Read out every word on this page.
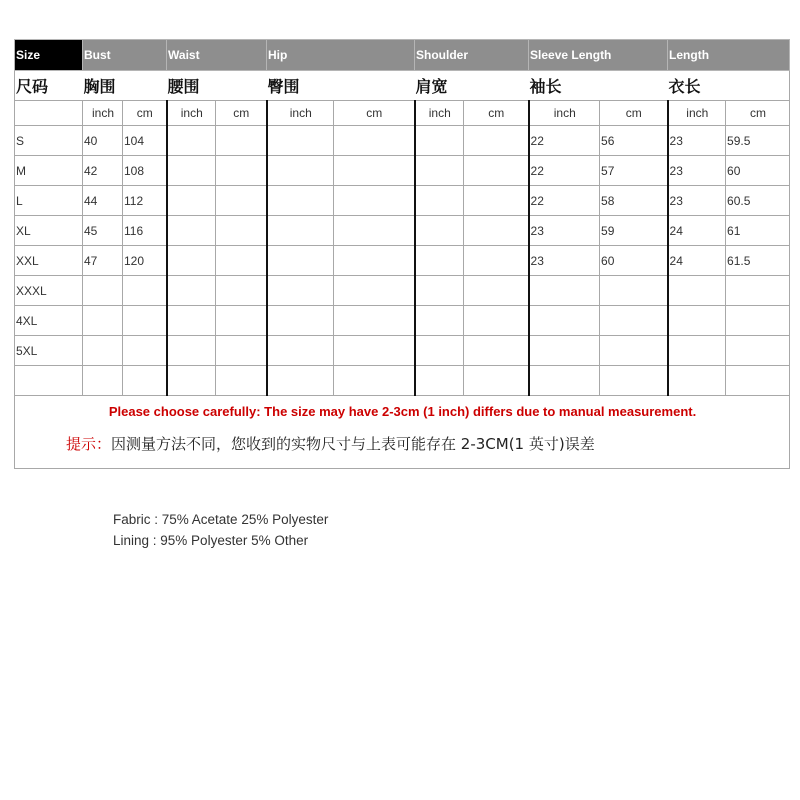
Size	Bust		Waist		Hip		Shoulder		Sleeve Length		Length	
尺码	胸围		腰围		臀围		肩宽		袖长		衣长	
	inch	cm	inch	cm	inch	cm	inch	cm	inch	cm	inch	cm
S	40	104							22	56	23	59.5
M	42	108							22	57	23	60
L	44	112							22	58	23	60.5
XL	45	116							23	59	24	61
XXL	47	120							23	60	24	61.5
XXXL												
4XL												
5XL												

Please choose carefully: The size may have 2-3cm (1 inch) differs due to manual measurement.
提示：因测量方法不同，您收到的实物尺寸与上表可能存在 2-3CM(1 英寸)误差												
Fabric : 75% Acetate 25% Polyester
Lining : 95% Polyester 5% Other
